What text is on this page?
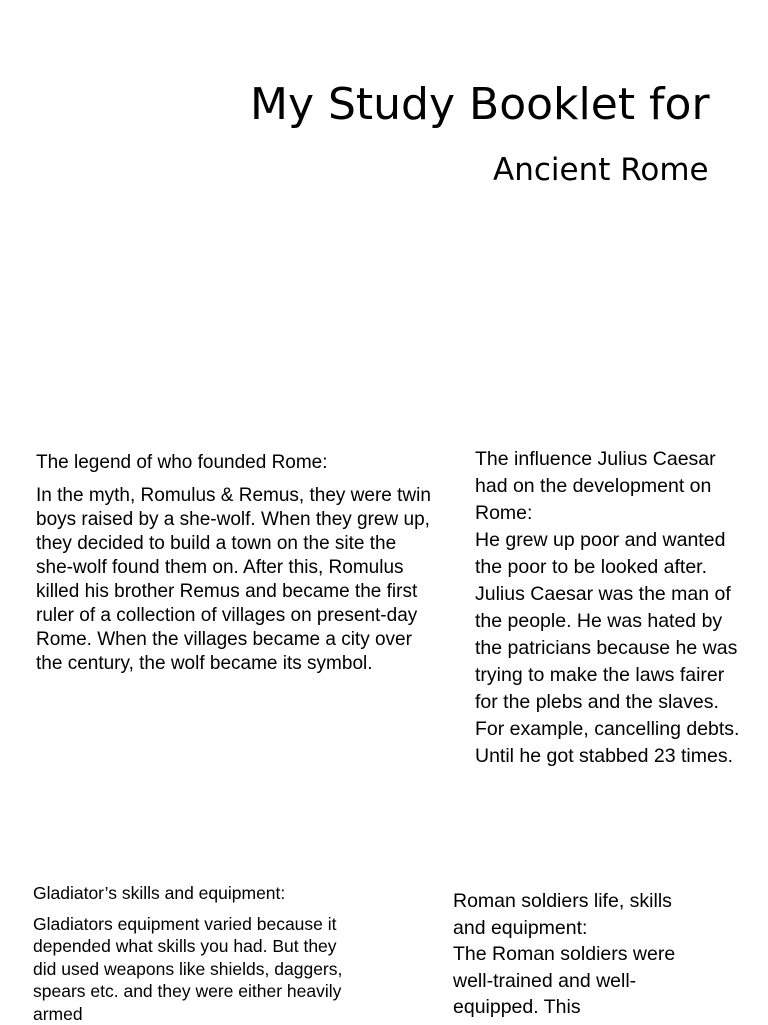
My Study Booklet for
Ancient Rome

The legend of who founded Rome:

In the myth, Romulus & Remus, they were twin boys raised by a she-wolf. When they grew up, they decided to build a town on the site the she-wolf found them on. After this, Romulus killed his brother Remus and became the first ruler of a collection of villages on present-day Rome. When the villages became a city over the century, the wolf became its symbol.

The influence Julius Caesar had on the development on Rome:

He grew up poor and wanted the poor to be looked after.

Julius Caesar was the man of the people. He was hated by the patricians because he was trying to make the laws fairer for the plebs and the slaves. For example, cancelling debts. Until he got stabbed 23 times.

Gladiator’s skills and equipment:

Gladiators equipment varied because it depended what skills you had. But they did used weapons like shields, daggers, spears etc. and they were either heavily armed

Roman soldiers life, skills and equipment:

The Roman soldiers were well-trained and well-equipped. This
